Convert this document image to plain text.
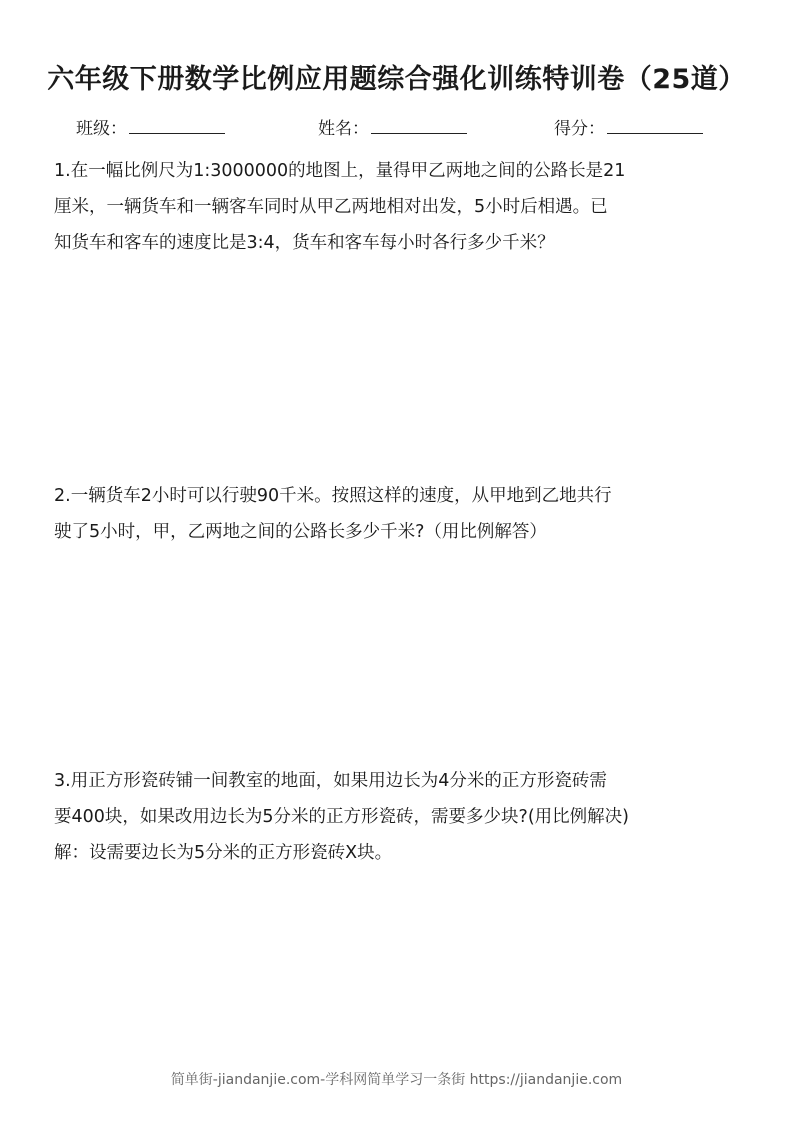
六年级下册数学比例应用题综合强化训练特训卷（25道）
班级：	姓名：	得分：
1.在一幅比例尺为1:3000000的地图上，量得甲乙两地之间的公路长是21
厘米，一辆货车和一辆客车同时从甲乙两地相对出发，5小时后相遇。已
知货车和客车的速度比是3:4，货车和客车每小时各行多少千米？
2.一辆货车2小时可以行驶90千米。按照这样的速度，从甲地到乙地共行
驶了5小时，甲，乙两地之间的公路长多少千米?（用比例解答）
3.用正方形瓷砖铺一间教室的地面，如果用边长为4分米的正方形瓷砖需
要400块，如果改用边长为5分米的正方形瓷砖，需要多少块?(用比例解决)
解：设需要边长为5分米的正方形瓷砖X块。
简单街-jiandanjie.com-学科网简单学习一条街 https://jiandanjie.com
